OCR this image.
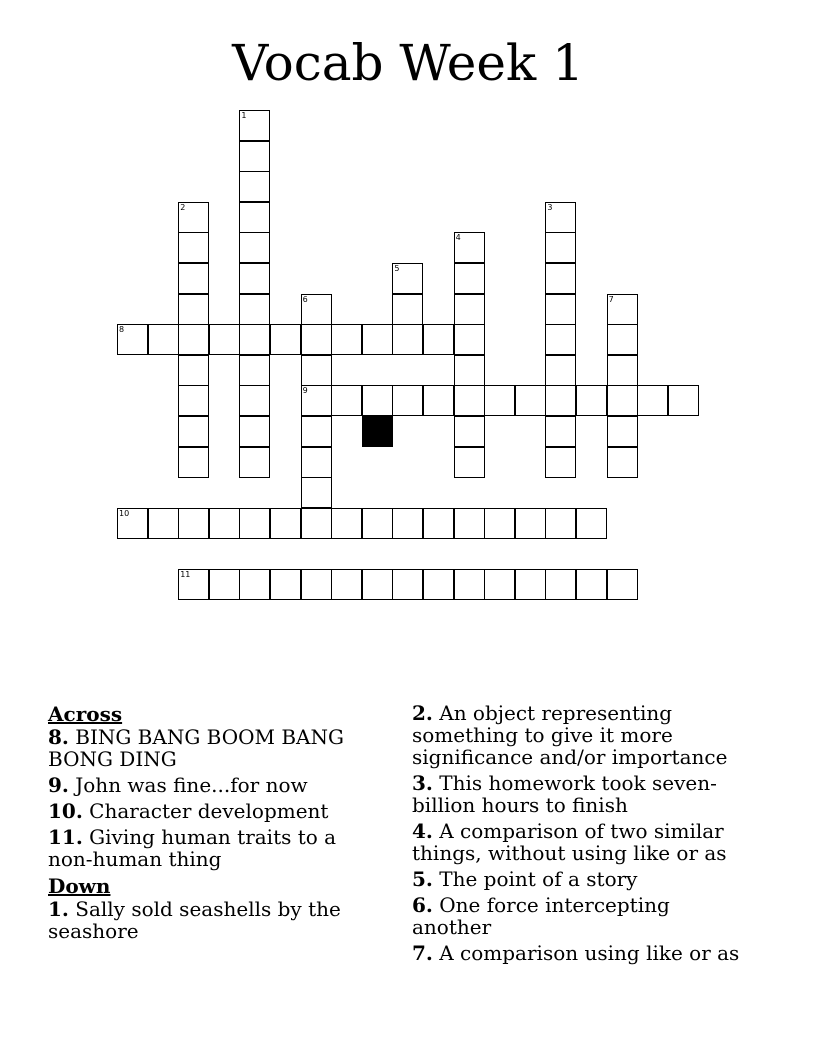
Vocab Week 1
1
2	3
4
5
6
9
7
8
10
11
Across
8. BING BANG BOOM BANG BONG DING
9. John was fine...for now
10. Character development
11. Giving human traits to a non-human thing
Down
1. Sally sold seashells by the seashore
2. An object representing something to give it more significance and/or importance
3. This homework took seven-billion hours to finish
4. A comparison of two similar things, without using like or as
5. The point of a story
6. One force intercepting another
7. A comparison using like or as
